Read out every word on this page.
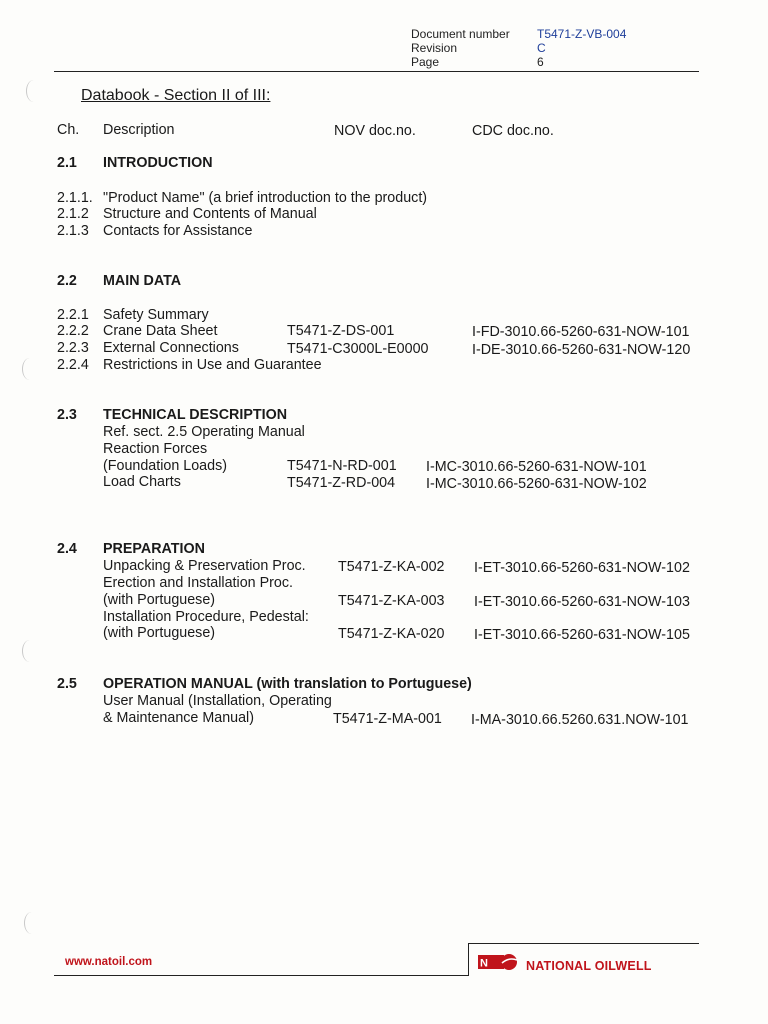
Document number T5471-Z-VB-004
Revision	C
Page	6
Databook - Section II of III:
Ch. Description	NOV doc.no.	CDC doc.no.
2.1 INTRODUCTION
2.1.1. "Product Name" (a brief introduction to the product)
2.1.2 Structure and Contents of Manual
2.1.3 Contacts for Assistance
2.2 MAIN DATA
2.2.1 Safety Summary
2.2.2 Crane Data Sheet	T5471-Z-DS-001	I-FD-3010.66-5260-631-NOW-101
2.2.3 External Connections	T5471-C3000L-E0000	I-DE-3010.66-5260-631-NOW-120
2.2.4 Restrictions in Use and Guarantee
2.3 TECHNICAL DESCRIPTION
Ref. sect. 2.5 Operating Manual
Reaction Forces
(Foundation Loads)	T5471-N-RD-001 I-MC-3010.66-5260-631-NOW-101
Load Charts	T5471-Z-RD-004 I-MC-3010.66-5260-631-NOW-102
2.4 PREPARATION
Unpacking & Preservation Proc. T5471-Z-KA-002 I-ET-3010.66-5260-631-NOW-102
Erection and Installation Proc.
(with Portuguese)	T5471-Z-KA-003 I-ET-3010.66-5260-631-NOW-103
Installation Procedure, Pedestal:
(with Portuguese)	T5471-Z-KA-020 I-ET-3010.66-5260-631-NOW-105
2.5 OPERATION MANUAL (with translation to Portuguese)
User Manual (Installation, Operating
& Maintenance Manual)	T5471-Z-MA-001 I-MA-3010.66.5260.631.NOW-101
www.natoil.com	N	NATIONAL OILWELL
